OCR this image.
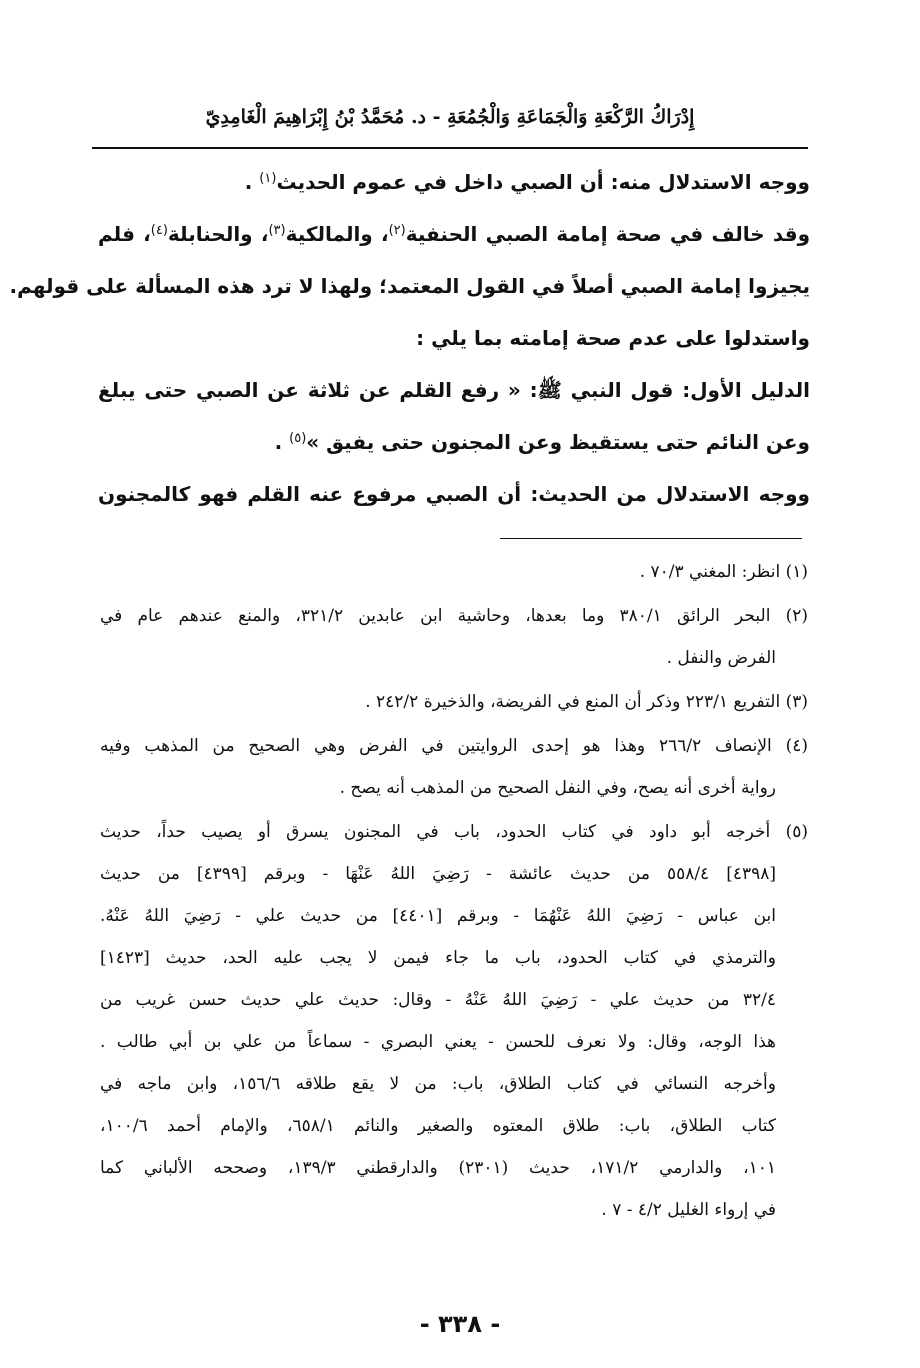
إِدْرَاكُ الرَّكْعَةِ وَالْجَمَاعَةِ وَالْجُمُعَةِ - د. مُحَمَّدُ بْنُ إِبْرَاهِيمَ الْغَامِدِيّ
ووجه الاستدلال منه: أن الصبي داخل في عموم الحديث$^{(١)}$ .
وقد خالف في صحة إمامة الصبي الحنفية$^{(٢)}$، والمالكية$^{(٣)}$، والحنابلة$^{(٤)}$، فلم
يجيزوا إمامة الصبي أصلاً في القول المعتمد؛ ولهذا لا ترد هذه المسألة على قولهم.
واستدلوا على عدم صحة إمامته بما يلي :
الدليل الأول: قول النبي ﷺ: « رفع القلم عن ثلاثة عن الصبي حتى يبلغ
وعن النائم حتى يستقيظ وعن المجنون حتى يفيق »$^{(٥)}$ .
ووجه الاستدلال من الحديث: أن الصبي مرفوع عنه القلم فهو كالمجنون
(١) انظر: المغني ٧٠/٣ .
(٢) البحر الرائق ٣٨٠/١ وما بعدها، وحاشية ابن عابدين ٣٢١/٢، والمنع عندهم عام في
الفرض والنفل .
(٣) التفريع ٢٢٣/١ وذكر أن المنع في الفريضة، والذخيرة ٢٤٢/٢ .
(٤) الإنصاف ٢٦٦/٢ وهذا هو إحدى الروايتين في الفرض وهي الصحيح من المذهب وفيه
رواية أخرى أنه يصح، وفي النفل الصحيح من المذهب أنه يصح .
(٥) أخرجه أبو داود في كتاب الحدود، باب في المجنون يسرق أو يصيب حداً، حديث
[٤٣٩٨] ٥٥٨/٤ من حديث عائشة - رَضِيَ اللهُ عَنْهَا - وبرقم [٤٣٩٩] من حديث
ابن عباس - رَضِيَ اللهُ عَنْهُمَا - وبرقم [٤٤٠١] من حديث علي - رَضِيَ اللهُ عَنْهُ.
والترمذي في كتاب الحدود، باب ما جاء فيمن لا يجب عليه الحد، حديث [١٤٢٣]
٣٢/٤ من حديث علي - رَضِيَ اللهُ عَنْهُ - وقال: حديث علي حديث حسن غريب من
هذا الوجه، وقال: ولا نعرف للحسن - يعني البصري - سماعاً من علي بن أبي طالب .
وأخرجه النسائي في كتاب الطلاق، باب: من لا يقع طلاقه ١٥٦/٦، وابن ماجه في
كتاب الطلاق، باب: طلاق المعتوه والصغير والنائم ٦٥٨/١، والإمام أحمد ١٠٠/٦،
١٠١، والدارمي ١٧١/٢، حديث (٢٣٠١) والدارقطني ١٣٩/٣، وصححه الألباني كما
في إرواء الغليل ٤/٢ - ٧ .
- ٣٣٨ -
